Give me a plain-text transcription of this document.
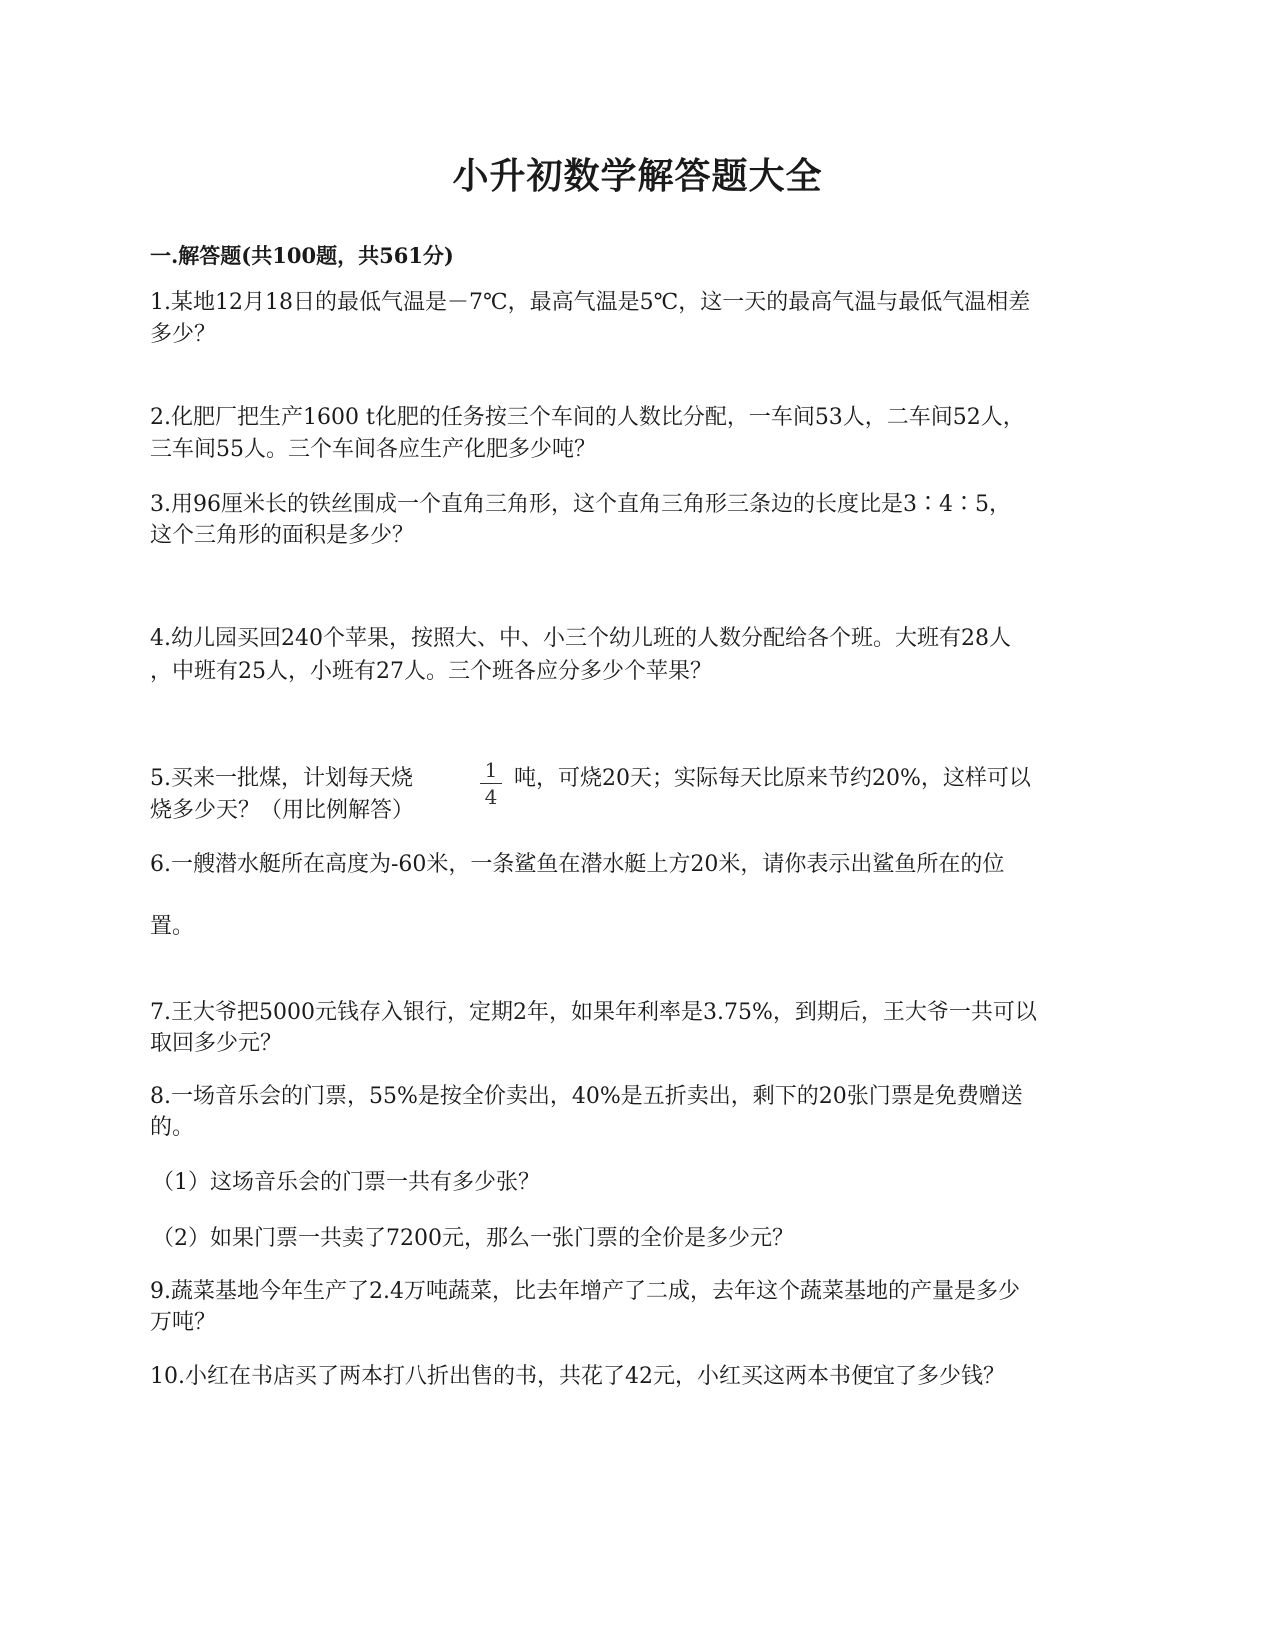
小升初数学解答题大全
一.解答题(共100题，共561分)
1.某地12月18日的最低气温是－7℃，最高气温是5℃，这一天的最高气温与最低气温相差
多少？
2.化肥厂把生产1600 t化肥的任务按三个车间的人数比分配，一车间53人，二车间52人，
三车间55人。三个车间各应生产化肥多少吨？
3.用96厘米长的铁丝围成一个直角三角形，这个直角三角形三条边的长度比是3∶4∶5，
这个三角形的面积是多少？
4.幼儿园买回240个苹果，按照大、中、小三个幼儿班的人数分配给各个班。大班有28人
，中班有25人，小班有27人。三个班各应分多少个苹果？
1
4
5.买来一批煤，计划每天烧	吨，可烧20天；实际每天比原来节约20%，这样可以
烧多少天？（用比例解答）
6.一艘潜水艇所在高度为-60米，一条鲨鱼在潜水艇上方20米，请你表示出鲨鱼所在的位
置。
7.王大爷把5000元钱存入银行，定期2年，如果年利率是3.75%，到期后，王大爷一共可以
取回多少元？
8.一场音乐会的门票，55%是按全价卖出，40%是五折卖出，剩下的20张门票是免费赠送
的。
（1）这场音乐会的门票一共有多少张？
（2）如果门票一共卖了7200元，那么一张门票的全价是多少元？
9.蔬菜基地今年生产了2.4万吨蔬菜，比去年增产了二成，去年这个蔬菜基地的产量是多少
万吨？
10.小红在书店买了两本打八折出售的书，共花了42元，小红买这两本书便宜了多少钱？
